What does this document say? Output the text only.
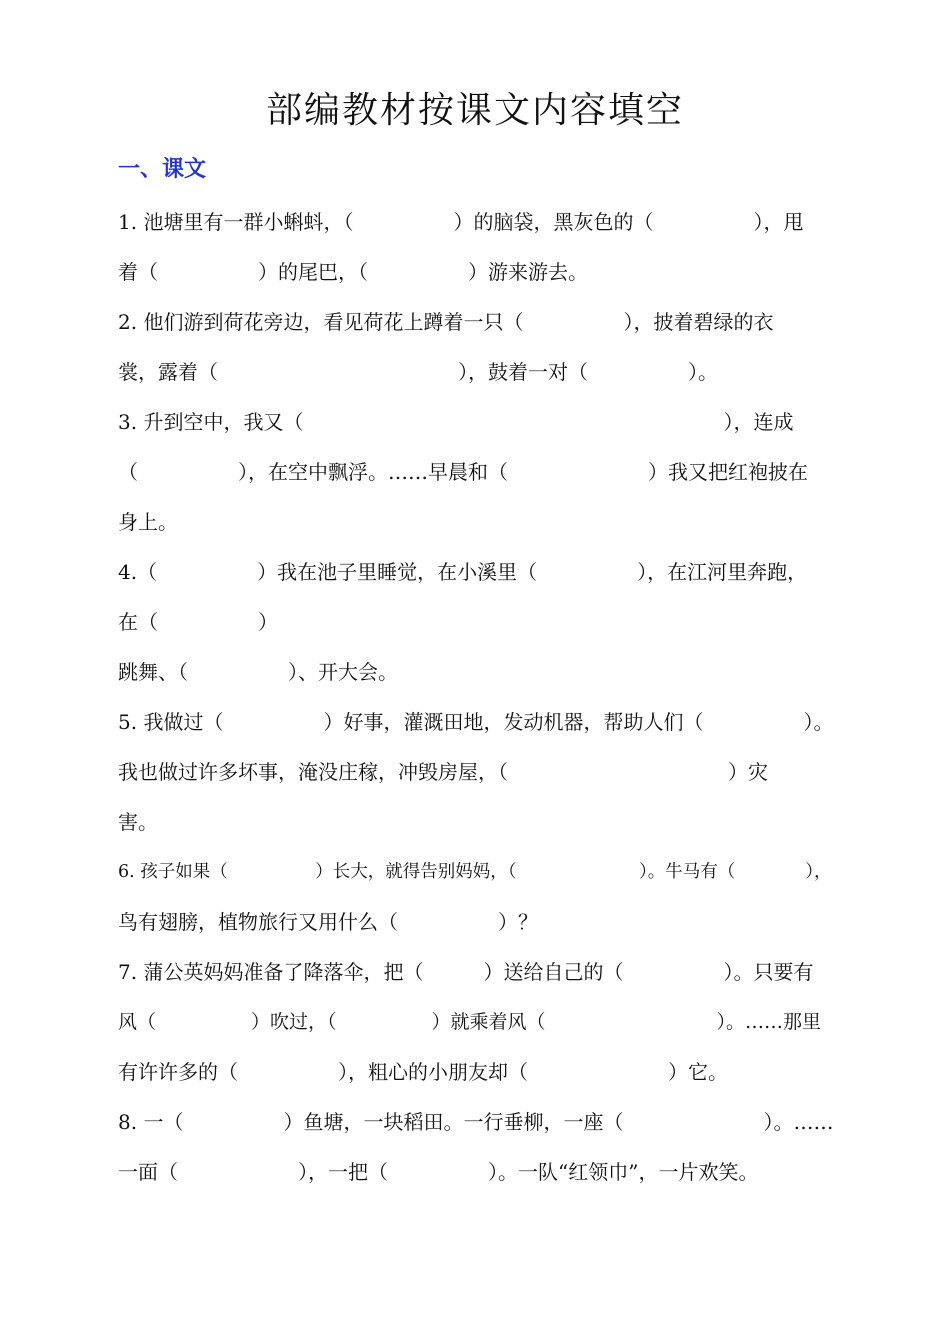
部编教材按课文内容填空
一、课文
1. 池塘里有一群小蝌蚪，（　　　　　）的脑袋，黑灰色的（　　　　　），甩
着（　　　　　）的尾巴，（　　　　　）游来游去。
2. 他们游到荷花旁边，看见荷花上蹲着一只（　　　　　），披着碧绿的衣
裳，露着（　　　　　　　　　　　　），鼓着一对（　　　　　）。
3. 升到空中，我又（　　　　　　　　　　　　　　　　　　　　　），连成
（　　　　　），在空中飘浮。……早晨和（　　　　　　　）我又把红袍披在
身上。
4.（　　　　　）我在池子里睡觉，在小溪里（　　　　　），在江河里奔跑，
在（　　　　　）
跳舞、（　　　　　）、开大会。
5. 我做过（　　　　　）好事，灌溉田地，发动机器，帮助人们（　　　　　）。
我也做过许多坏事，淹没庄稼，冲毁房屋，（　　　　　　　　　　　）灾
害。
6. 孩子如果（　　　　　）长大，就得告别妈妈，（　　　　　　　）。牛马有（　　　　），
鸟有翅膀，植物旅行又用什么（　　　　　）？
7. 蒲公英妈妈准备了降落伞，把（　　　）送给自己的（　　　　　）。只要有
风（　　　　　）吹过，（　　　　　）就乘着风（　　　　　　　　　）。……那里
有许许多的（　　　　　），粗心的小朋友却（　　　　　　　）它。
8. 一（　　　　　）鱼塘，一块稻田。一行垂柳，一座（　　　　　　　）。……
一面（　　　　　　），一把（　　　　　）。一队“红领巾”，一片欢笑。
